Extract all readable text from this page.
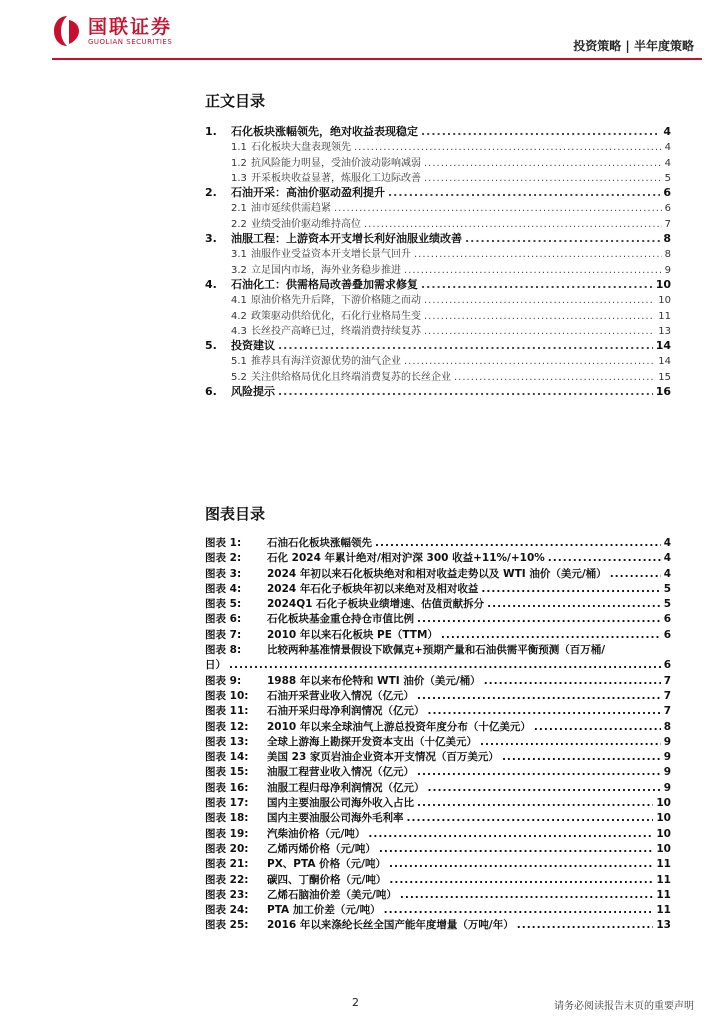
国联证券
GUOLIAN SECURITIES	投资策略 | 半年度策略
正文目录
1.	石化板块涨幅领先，绝对收益表现稳定 .....	4
1.1 石化板块大盘表现领先 .....	4
1.2 抗风险能力明显，受油价波动影响减弱 .....	4
1.3 开采板块收益显著，炼服化工边际改善 .....	5
2.	石油开采：高油价驱动盈利提升 .....	6
2.1 油市延续供需趋紧 .....	6
2.2 业绩受油价驱动维持高位 .....	7
3.	油服工程：上游资本开支增长利好油服业绩改善 .....	8
3.1 油服作业受益资本开支增长景气回升 .....	8
3.2 立足国内市场，海外业务稳步推进 .....	9
4.	石油化工：供需格局改善叠加需求修复 .....	10
4.1 原油价格先升后降，下游价格随之而动 .....	10
4.2 政策驱动供给优化，石化行业格局生变 .....	11
4.3 长丝投产高峰已过，终端消费持续复苏 .....	13
5.	投资建议 .....	14
5.1 推荐具有海洋资源优势的油气企业 .....	14
5.2 关注供给格局优化且终端消费复苏的长丝企业 .....	15
6.	风险提示 .....	16
图表目录
图表 1:	石油石化板块涨幅领先 .....	4
图表 2:	石化 2024 年累计绝对/相对沪深 300 收益+11%/+10% .....	4
图表 3:	2024 年初以来石化板块绝对和相对收益走势以及 WTI 油价（美元/桶） .....	4
图表 4:	2024 年石化子板块年初以来绝对及相对收益 .....	5
图表 5:	2024Q1 石化子板块业绩增速、估值贡献拆分 .....	5
图表 6:	石化板块基金重仓持仓市值比例 .....	6
图表 7:	2010 年以来石化板块 PE（TTM） .....	6
图表 8:	比较两种基准情景假设下欧佩克+预期产量和石油供需平衡预测（百万桶/
日） .....	6
图表 9:	1988 年以来布伦特和 WTI 油价（美元/桶） .....	7
图表 10:	石油开采营业收入情况（亿元） .....	7
图表 11:	石油开采归母净利润情况（亿元） .....	7
图表 12:	2010 年以来全球油气上游总投资年度分布（十亿美元） .....	8
图表 13:	全球上游海上勘探开发资本支出（十亿美元） .....	9
图表 14:	美国 23 家页岩油企业资本开支情况（百万美元） .....	9
图表 15:	油服工程营业收入情况（亿元） .....	9
图表 16:	油服工程归母净利润情况（亿元） .....	9
图表 17:	国内主要油服公司海外收入占比 .....	10
图表 18:	国内主要油服公司海外毛利率 .....	10
图表 19:	汽柴油价格（元/吨） .....	10
图表 20:	乙烯丙烯价格（元/吨） .....	10
图表 21:	PX、PTA 价格（元/吨） .....	11
图表 22:	碳四、丁酮价格（元/吨） .....	11
图表 23:	乙烯石脑油价差（美元/吨） .....	11
图表 24:	PTA 加工价差（元/吨） .....	11
图表 25:	2016 年以来涤纶长丝全国产能年度增量（万吨/年） .....	13
2	请务必阅读报告末页的重要声明
